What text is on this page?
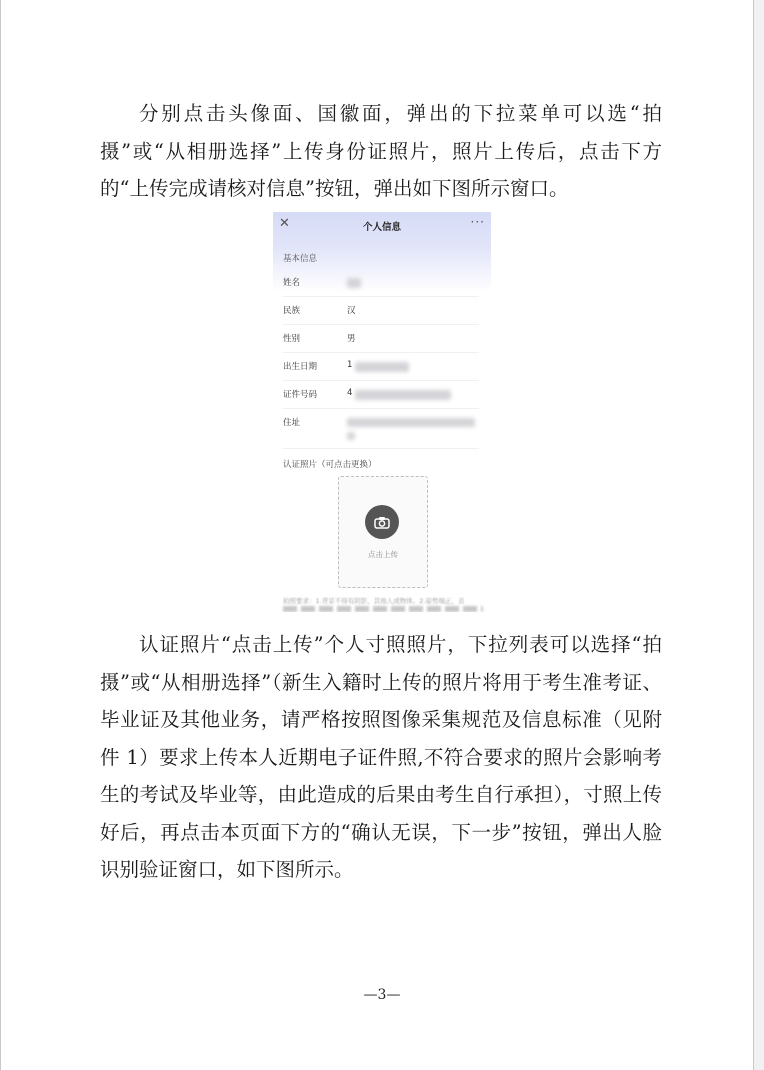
分别点击头像面、国徽面，弹出的下拉菜单可以选“拍摄”或“从相册选择”上传身份证照片，照片上传后，点击下方的“上传完成请核对信息”按钮，弹出如下图所示窗口。

✕	个人信息	···
基本信息
姓名
民族	汉
性别	男
出生日期	1
证件号码	4
住址
认证照片（可点击更换）
点击上传
拍照要求：1.背景不得有阴影、其他人或物体。2.姿势端正，表

认证照片“点击上传”个人寸照照片，下拉列表可以选择“拍摄”或“从相册选择”（新生入籍时上传的照片将用于考生准考证、毕业证及其他业务，请严格按照图像采集规范及信息标准（见附件 1）要求上传本人近期电子证件照,不符合要求的照片会影响考生的考试及毕业等，由此造成的后果由考生自行承担），寸照上传好后，再点击本页面下方的“确认无误，下一步”按钮，弹出人脸识别验证窗口，如下图所示。

—3—
